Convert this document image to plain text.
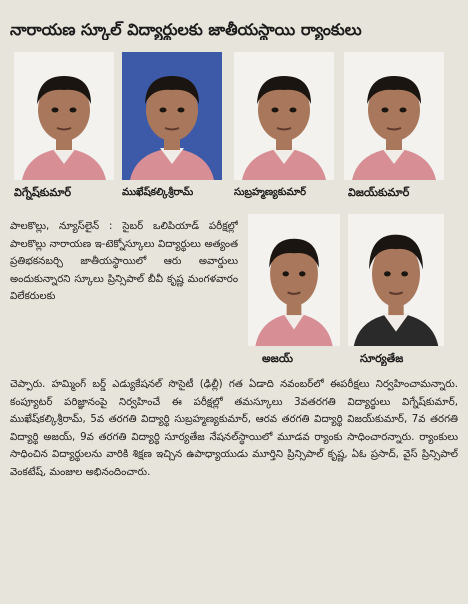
నారాయణ స్కూల్ విద్యార్థులకు జాతీయస్థాయి ర్యాంకులు
విగ్నేష్‌కుమార్	ముఖేష్‌కల్కిశ్రీరామ్	సుబ్రహ్మణ్యకుమార్	విజయ్‌కుమార్
అజయ్	సూర్యతేజ
పాలకొల్లు, న్యూస్‌లైన్ : సైబర్ ఒలిపియాడ్ పరీక్షల్లో పాలకొల్లు నారాయణ ఇ-టెక్నోస్కూలు విద్యార్థులు అత్యంత ప్రతిభకనబర్చి జాతీయస్థాయిలో ఆరు అవార్డులు అందుకున్నారని స్కూలు ప్రిన్సిపాల్ బీవీ కృష్ణ మంగళవారం విలేకరులకు
చెప్పారు. హమ్మింగ్ బర్డ్ ఎడ్యుకేషనల్ సొసైటీ (ఢిల్లీ) గత ఏడాది నవంబర్‌లో ఈపరీక్షలు నిర్వహించామన్నారు. కంప్యూటర్ పరిజ్ఞానంపై నిర్వహించే ఈ పరీక్షల్లో తమస్కూలు 3వతరగతి విద్యార్థులు విగ్నేష్‌కుమార్, ముఖేష్‌కల్కిశ్రీరామ్, 5వ తరగతి విద్యార్థి సుబ్రహ్మణ్యకుమార్, ఆరవ తరగతి విద్యార్థి విజయ్‌కుమార్, 7వ తరగతి విద్యార్థి అజయ్, 9వ తరగతి విద్యార్థి సూర్యతేజ నేషనల్‌స్థాయిలో మూడవ ర్యాంకు సాధించారన్నారు. ర్యాంకులు సాధించిన విద్యార్థులను వారికి శిక్షణ ఇచ్చిన ఉపాధ్యాయుడు మూర్తిని ప్రిన్సిపాల్ కృష్ణ, ఏఓ ప్రసాద్, వైస్ ప్రిన్సిపాల్ వెంకటేష్, మంజుల అభినందించారు.
